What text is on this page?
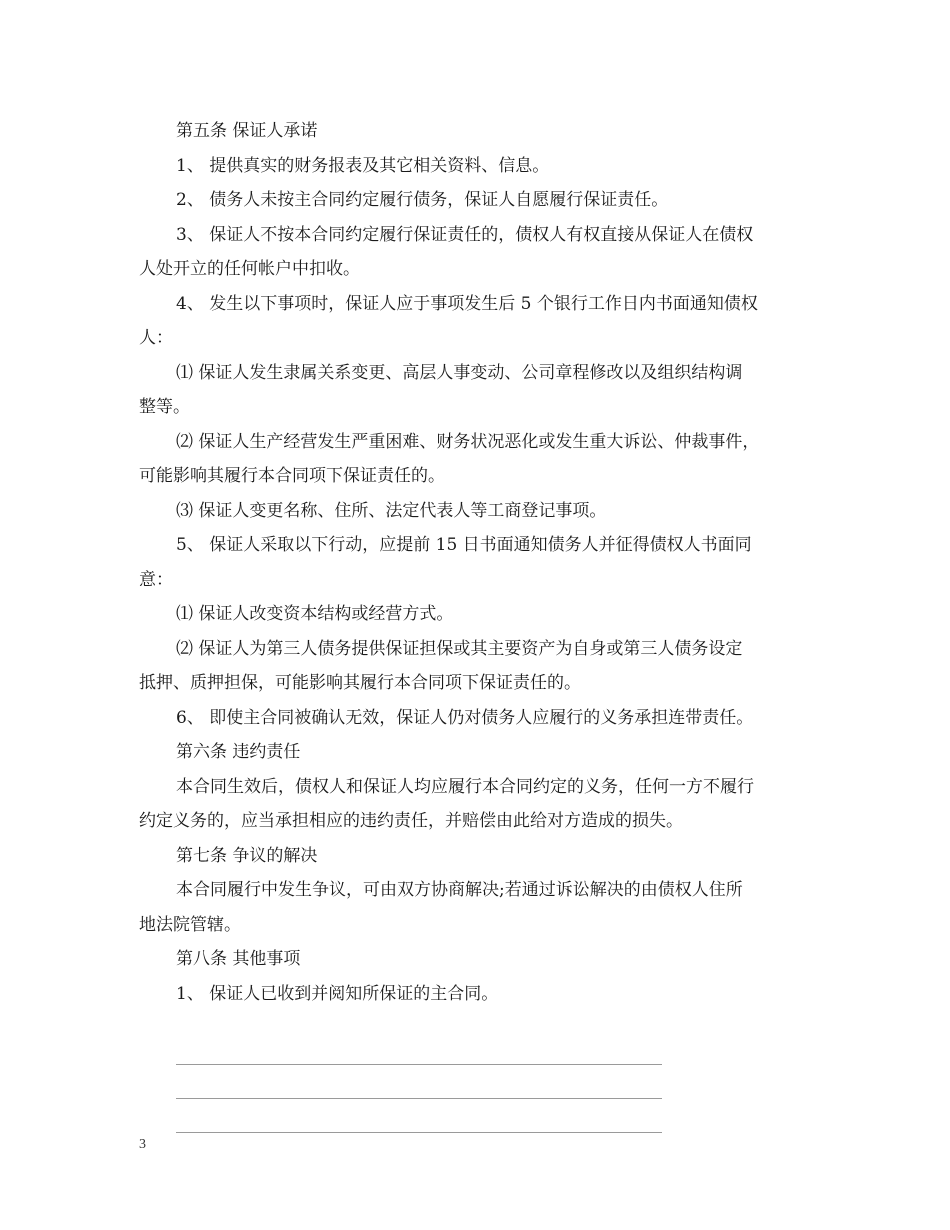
第五条 保证人承诺

1、 提供真实的财务报表及其它相关资料、信息。

2、 债务人未按主合同约定履行债务，保证人自愿履行保证责任。

3、 保证人不按本合同约定履行保证责任的，债权人有权直接从保证人在债权

人处开立的任何帐户中扣收。

4、 发生以下事项时，保证人应于事项发生后 5 个银行工作日内书面通知债权

人：

⑴ 保证人发生隶属关系变更、高层人事变动、公司章程修改以及组织结构调

整等。

⑵ 保证人生产经营发生严重困难、财务状况恶化或发生重大诉讼、仲裁事件，

可能影响其履行本合同项下保证责任的。

⑶ 保证人变更名称、住所、法定代表人等工商登记事项。

5、 保证人采取以下行动，应提前 15 日书面通知债务人并征得债权人书面同

意：

⑴ 保证人改变资本结构或经营方式。

⑵ 保证人为第三人债务提供保证担保或其主要资产为自身或第三人债务设定

抵押、质押担保，可能影响其履行本合同项下保证责任的。

6、 即使主合同被确认无效，保证人仍对债务人应履行的义务承担连带责任。

第六条 违约责任

本合同生效后，债权人和保证人均应履行本合同约定的义务，任何一方不履行

约定义务的，应当承担相应的违约责任，并赔偿由此给对方造成的损失。

第七条 争议的解决

本合同履行中发生争议，可由双方协商解决;若通过诉讼解决的由债权人住所

地法院管辖。

第八条 其他事项

1、 保证人已收到并阅知所保证的主合同。

3
